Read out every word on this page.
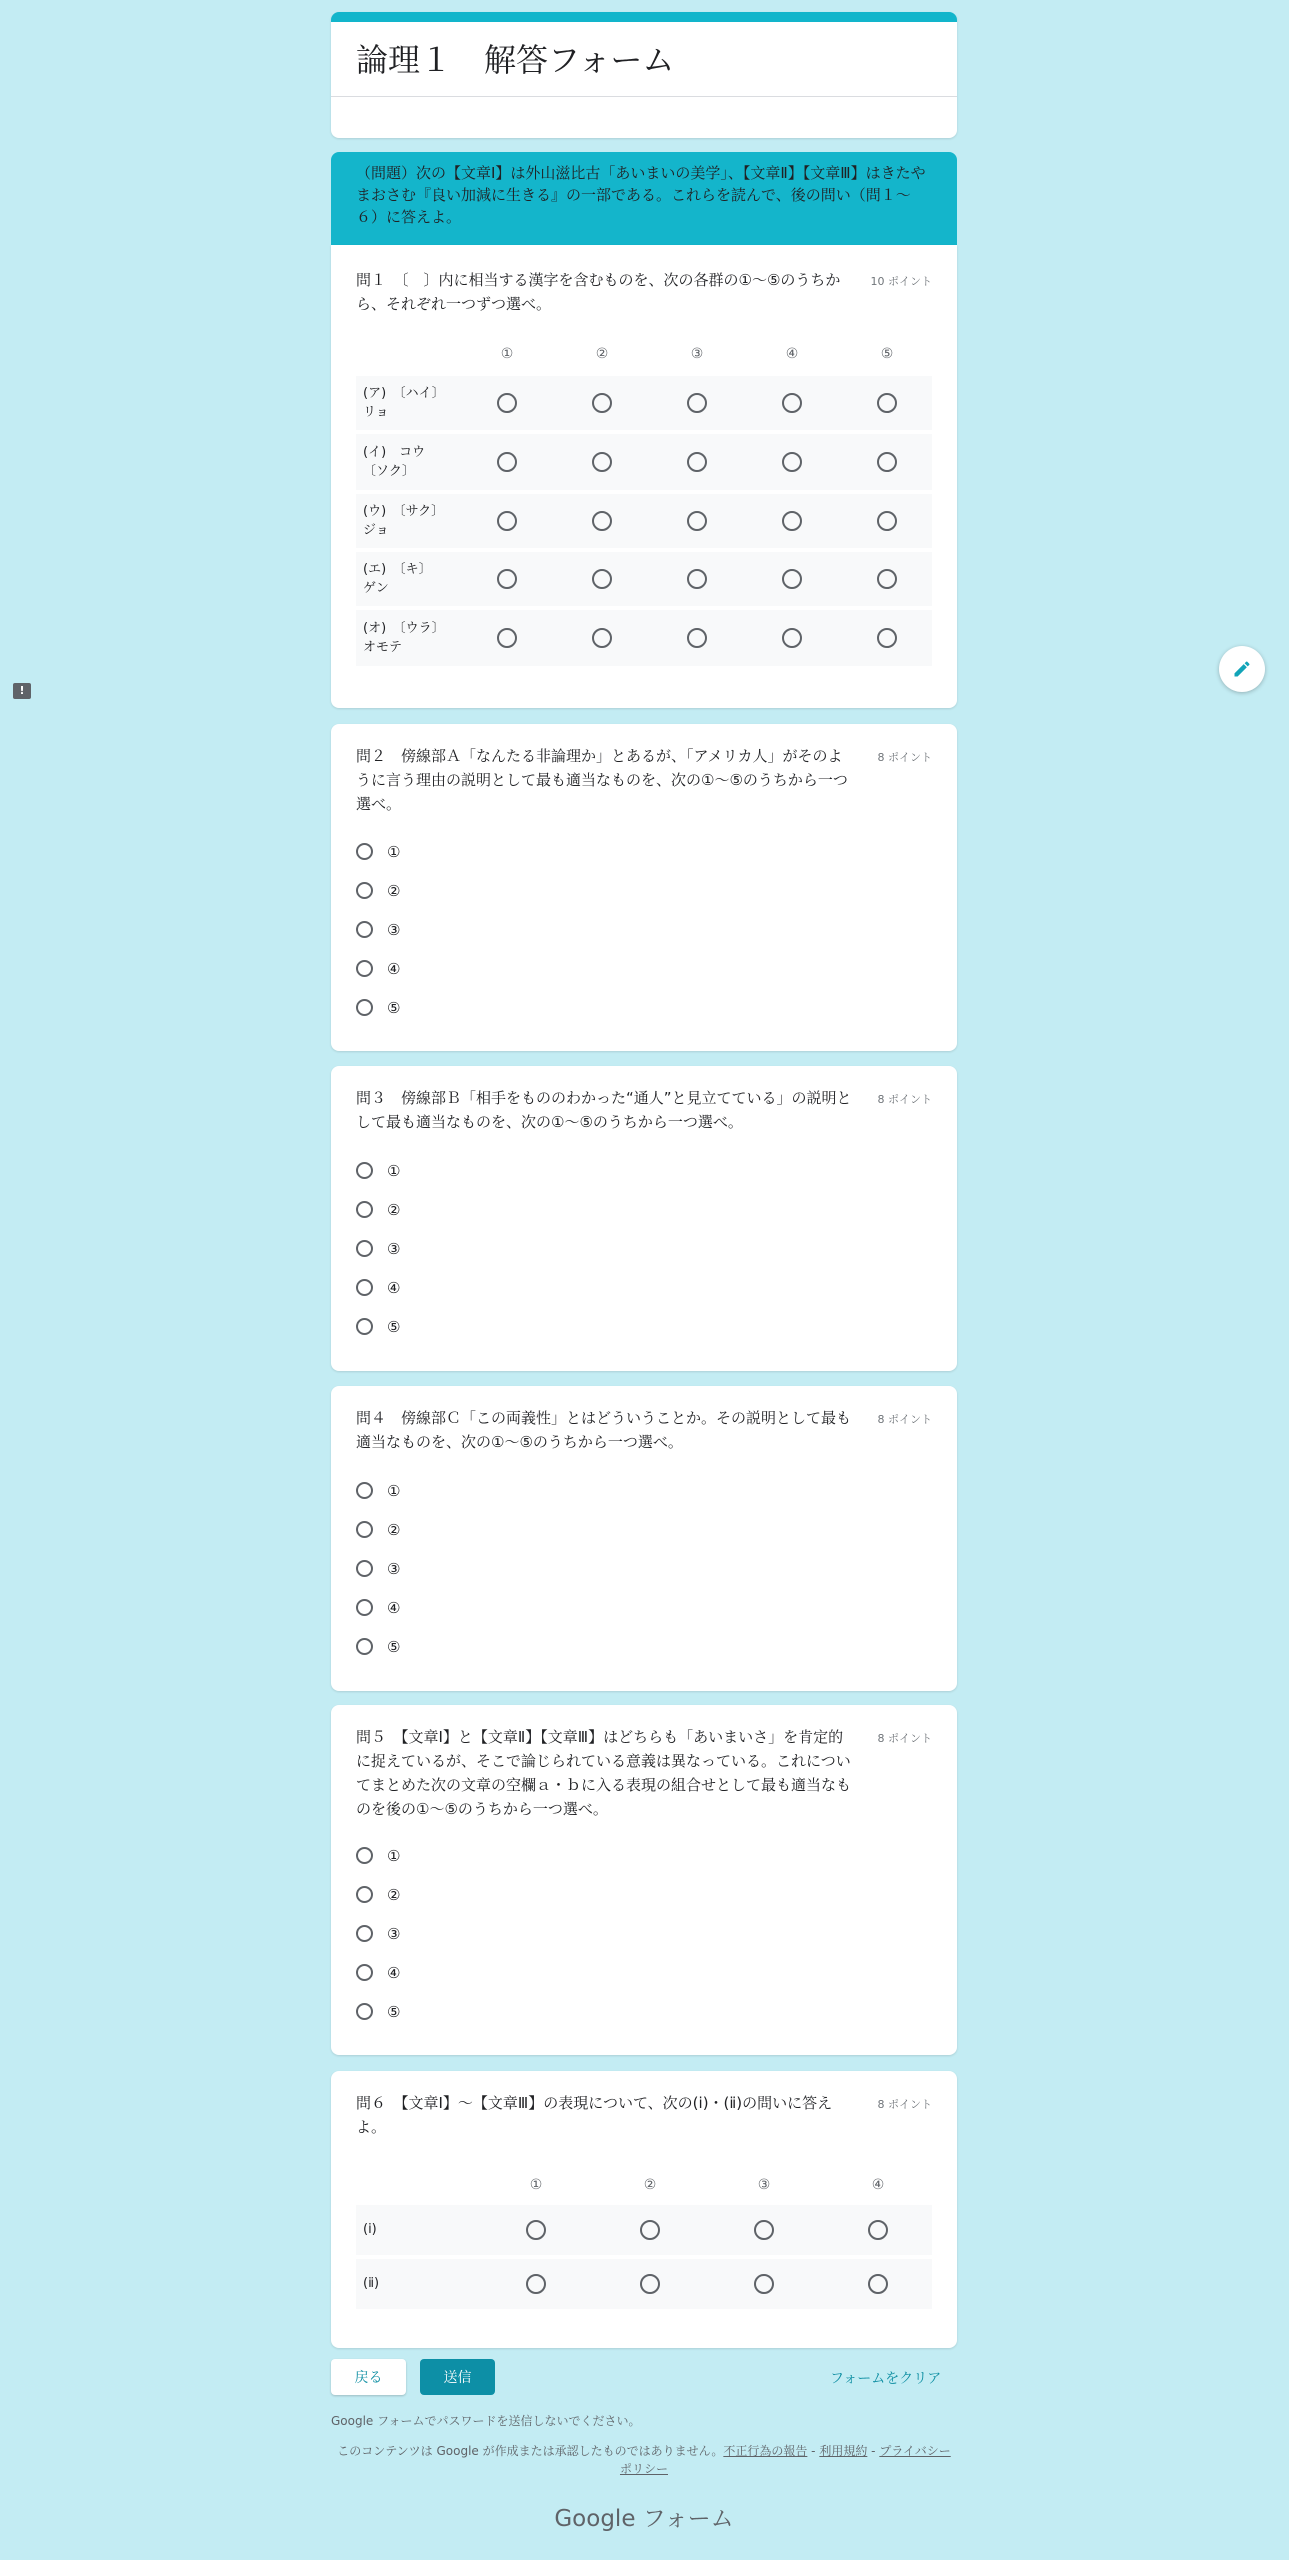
!
論理１　解答フォーム
（問題）次の【文章Ⅰ】は外山滋比古「あいまいの美学」、【文章Ⅱ】【文章Ⅲ】はきたやまおさむ『良い加減に生きる』の一部である。これらを読んで、後の問い（問１〜６）に答えよ。
問１　〔　〕内に相当する漢字を含むものを、次の各群の①〜⑤のうちから、それぞれ一つずつ選べ。
10 ポイント
①	②	③	④	⑤
(ア)　〔ハイ〕リョ
(イ)　コウ〔ソク〕
(ウ)　〔サク〕ジョ
(エ)　〔キ〕ゲン
(オ)　〔ウラ〕オモテ
問２　傍線部Ａ「なんたる非論理か」とあるが、「アメリカ人」がそのように言う理由の説明として最も適当なものを、次の①〜⑤のうちから一つ選べ。
8 ポイント
①
②
③
④
⑤
問３　傍線部Ｂ「相手をもののわかった“通人”と見立てている」の説明として最も適当なものを、次の①〜⑤のうちから一つ選べ。
8 ポイント
①
②
③
④
⑤
問４　傍線部Ｃ「この両義性」とはどういうことか。その説明として最も適当なものを、次の①〜⑤のうちから一つ選べ。
8 ポイント
①
②
③
④
⑤
問５　【文章Ⅰ】と【文章Ⅱ】【文章Ⅲ】はどちらも「あいまいさ」を肯定的に捉えているが、そこで論じられている意義は異なっている。これについてまとめた次の文章の空欄ａ・ｂに入る表現の組合せとして最も適当なものを後の①〜⑤のうちから一つ選べ。
8 ポイント
①
②
③
④
⑤
問６　【文章Ⅰ】〜【文章Ⅲ】の表現について、次の(ⅰ)・(ⅱ)の問いに答えよ。
8 ポイント
①	②	③	④
(ⅰ)
(ⅱ)
戻る	送信	フォームをクリア
Google フォームでパスワードを送信しないでください。
このコンテンツは Google が作成または承認したものではありません。不正行為の報告 - 利用規約 - プライバシー ポリシー
Google フォーム
